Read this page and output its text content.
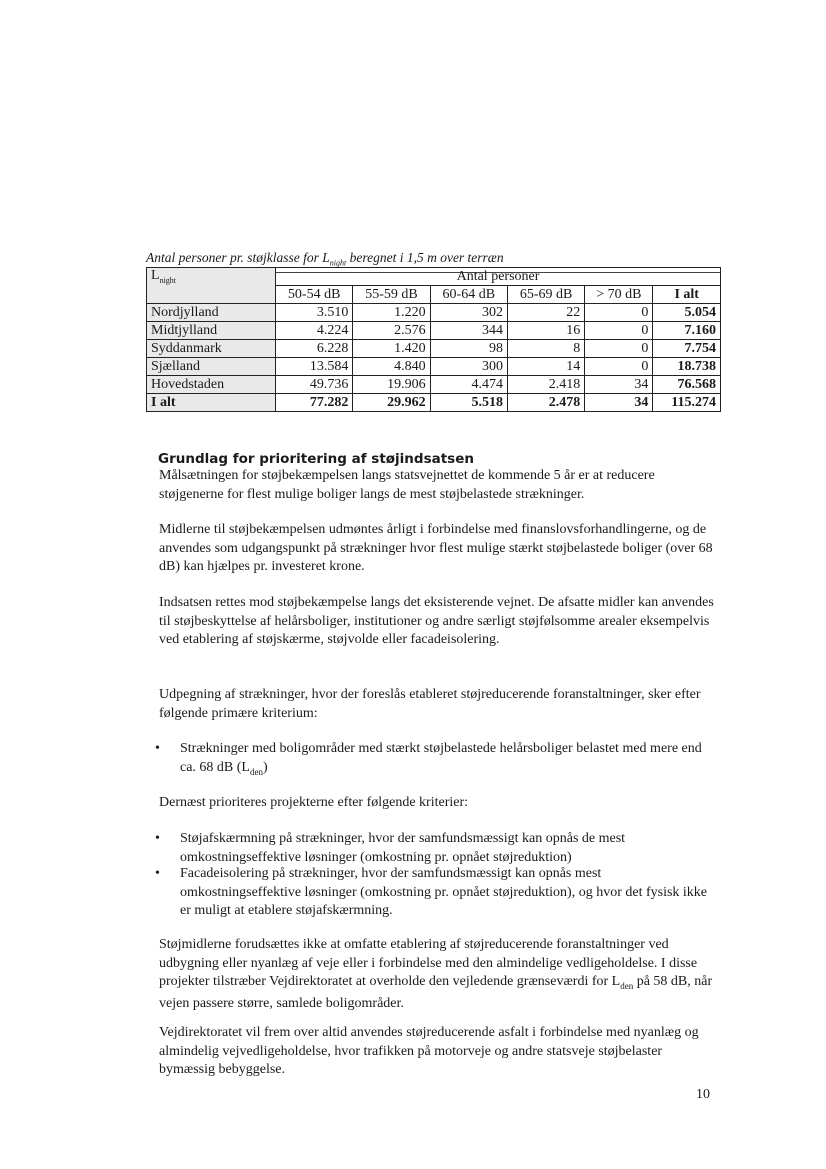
Antal personer pr. støjklasse for $L_{night}$ beregnet i 1,5 m over terræn
$L_{night}$	Antal personer					
	50-54 dB	55-59 dB	60-64 dB	65-69 dB	> 70 dB	I alt
Nordjylland	3.510	1.220	302	22	0	5.054
Midtjylland	4.224	2.576	344	16	0	7.160
Syddanmark	6.228	1.420	98	8	0	7.754
Sjælland	13.584	4.840	300	14	0	18.738
Hovedstaden	49.736	19.906	4.474	2.418	34	76.568
I alt	77.282	29.962	5.518	2.478	34	115.274
Grundlag for prioritering af støjindsatsen

Målsætningen for støjbekæmpelsen langs statsvejnettet de kommende 5 år er at reducere støjgenerne for flest mulige boliger langs de mest støjbelastede strækninger.

Midlerne til støjbekæmpelsen udmøntes årligt i forbindelse med finanslovsforhandlingerne, og de anvendes som udgangspunkt på strækninger hvor flest mulige stærkt støjbelastede boliger (over 68 dB) kan hjælpes pr. investeret krone.

Indsatsen rettes mod støjbekæmpelse langs det eksisterende vejnet. De afsatte midler kan anvendes til støjbeskyttelse af helårsboliger, institutioner og andre særligt støjfølsomme arealer eksempelvis ved etablering af støjskærme, støjvolde eller facadeisolering.

Udpegning af strækninger, hvor der foreslås etableret støjreducerende foranstaltninger, sker efter følgende primære kriterium:

• Strækninger med boligområder med stærkt støjbelastede helårsboliger belastet med mere end ca. 68 dB $(L_{den})$

Dernæst prioriteres projekterne efter følgende kriterier:

• Støjafskærmning på strækninger, hvor der samfundsmæssigt kan opnås de mest omkostningseffektive løsninger (omkostning pr. opnået støjreduktion)

• Facadeisolering på strækninger, hvor der samfundsmæssigt kan opnås mest omkostningseffektive løsninger (omkostning pr. opnået støjreduktion), og hvor det fysisk ikke er muligt at etablere støjafskærmning.

Støjmidlerne forudsættes ikke at omfatte etablering af støjreducerende foranstaltninger ved udbygning eller nyanlæg af veje eller i forbindelse med den almindelige vedligeholdelse. I disse projekter tilstræber Vejdirektoratet at overholde den vejledende grænseværdi for $L_{den}$ på 58 dB, når vejen passere større, samlede boligområder.

Vejdirektoratet vil frem over altid anvendes støjreducerende asfalt i forbindelse med nyanlæg og almindelig vejvedligeholdelse, hvor trafikken på motorveje og andre statsveje støjbelaster bymæssig bebyggelse.

10
